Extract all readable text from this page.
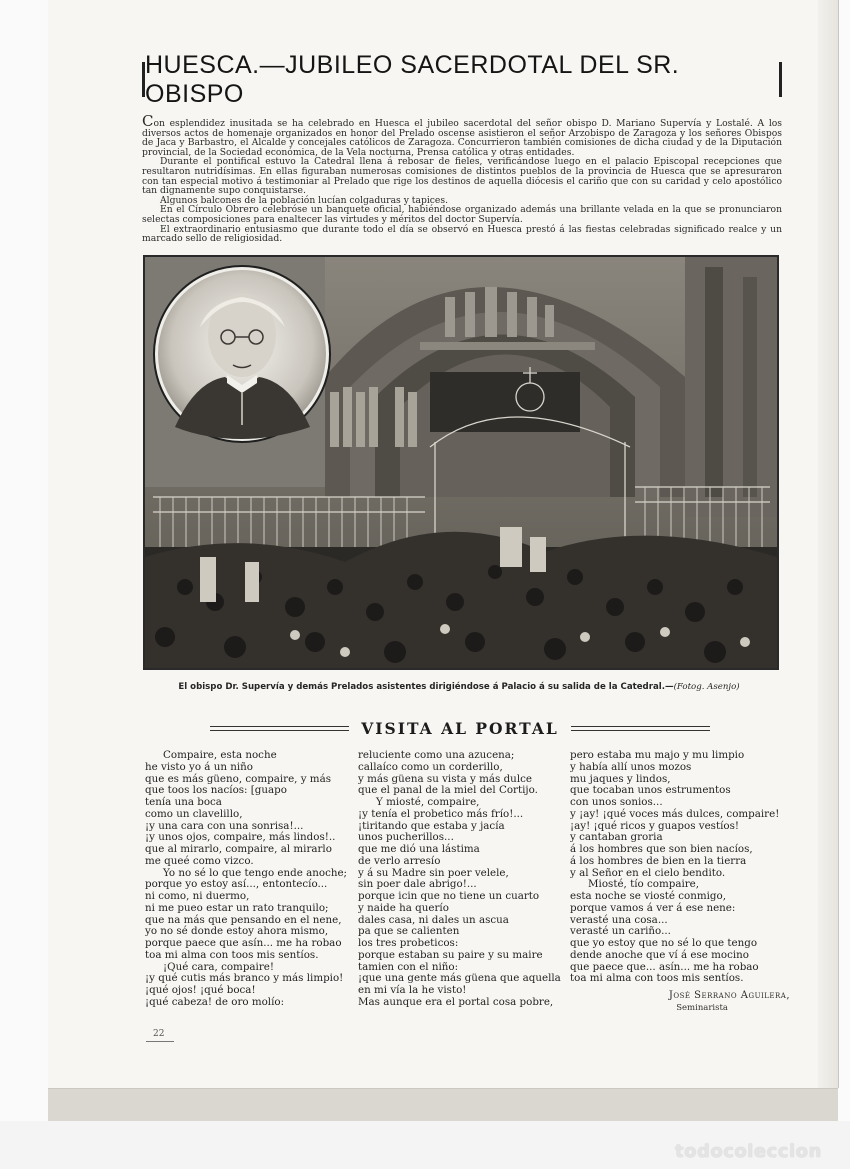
HUESCA.—JUBILEO SACERDOTAL DEL SR. OBISPO

Con esplendidez inusitada se ha celebrado en Huesca el jubileo sacerdotal del señor obispo D. Mariano Supervía y Lostalé. A los diversos actos de homenaje organizados en honor del Prelado oscense asistieron el señor Arzobispo de Zaragoza y los señores Obispos de Jaca y Barbastro, el Alcalde y concejales católicos de Zaragoza. Concurrieron también comisiones de dicha ciudad y de la Diputación provincial, de la Sociedad económica, de la Vela nocturna, Prensa católica y otras entidades.

Durante el pontifical estuvo la Catedral llena á rebosar de fieles, verificándose luego en el palacio Episcopal recepciones que resultaron nutridísimas. En ellas figuraban numerosas comisiones de distintos pueblos de la provincia de Huesca que se apresuraron con tan especial motivo á testimoniar al Prelado que rige los destinos de aquella diócesis el cariño que con su caridad y celo apostólico tan dignamente supo conquistarse.

Algunos balcones de la población lucían colgaduras y tapices.

En el Círculo Obrero celebróse un banquete oficial, habiéndose organizado además una brillante velada en la que se pronunciaron selectas composiciones para enaltecer las virtudes y méritos del doctor Supervía.

El extraordinario entusiasmo que durante todo el día se observó en Huesca prestó á las fiestas celebradas significado realce y un marcado sello de religiosidad.

El obispo Dr. Supervía y demás Prelados asistentes dirigiéndose á Palacio á su salida de la Catedral.—(Fotog. Asenjo)
VISITA AL PORTAL
Compaire, esta noche
he visto yo á un niño
que es más güeno, compaire, y más
que toos los nacíos: [guapo
tenía una boca
como un clavelillo,
¡y una cara con una sonrisa!...
¡y unos ojos, compaire, más lindos!..
que al mirarlo, compaire, al mirarlo
me queé como vizco.
Yo no sé lo que tengo ende anoche;
porque yo estoy así..., entontecío...
ni como, ni duermo,
ni me pueo estar un rato tranquilo;
que na más que pensando en el nene,
yo no sé donde estoy ahora mismo,
porque paece que asín... me ha robao
toa mi alma con toos mis sentíos.
¡Qué cara, compaire!
¡y qué cutis más branco y más limpio!
¡qué ojos! ¡qué boca!
¡qué cabeza! de oro molío:
reluciente como una azucena;
callaíco como un corderillo,
y más güena su vista y más dulce
que el panal de la miel del Cortijo.
Y miosté, compaire,
¡y tenía el probetico más frío!...
¡tiritando que estaba y jacía
unos pucherillos...
que me dió una lástima
de verlo arresío
y á su Madre sin poer velele,
sin poer dale abrigo!...
porque icin que no tiene un cuarto
y naide ha querío
dales casa, ni dales un ascua
pa que se calienten
los tres probeticos:
porque estaban su paire y su maire
tamien con el niño:
¡que una gente más güena que aquella
en mi vía la he visto!
Mas aunque era el portal cosa pobre,
pero estaba mu majo y mu limpio
y había allí unos mozos
mu jaques y lindos,
que tocaban unos estrumentos
con unos sonios...
y ¡ay! ¡qué voces más dulces, compaire!
¡ay! ¡qué ricos y guapos vestíos!
y cantaban groria
á los hombres que son bien nacíos,
á los hombres de bien en la tierra
y al Señor en el cielo bendito.
Miosté, tío compaire,
esta noche se viosté conmigo,
porque vamos á ver á ese nene:
verasté una cosa...
verasté un cariño...
que yo estoy que no sé lo que tengo
dende anoche que ví á ese mocino
que paece que... asín... me ha robao
toa mi alma con toos mis sentíos.
José Serrano Aguilera,
Seminarista
22
todocoleccion
